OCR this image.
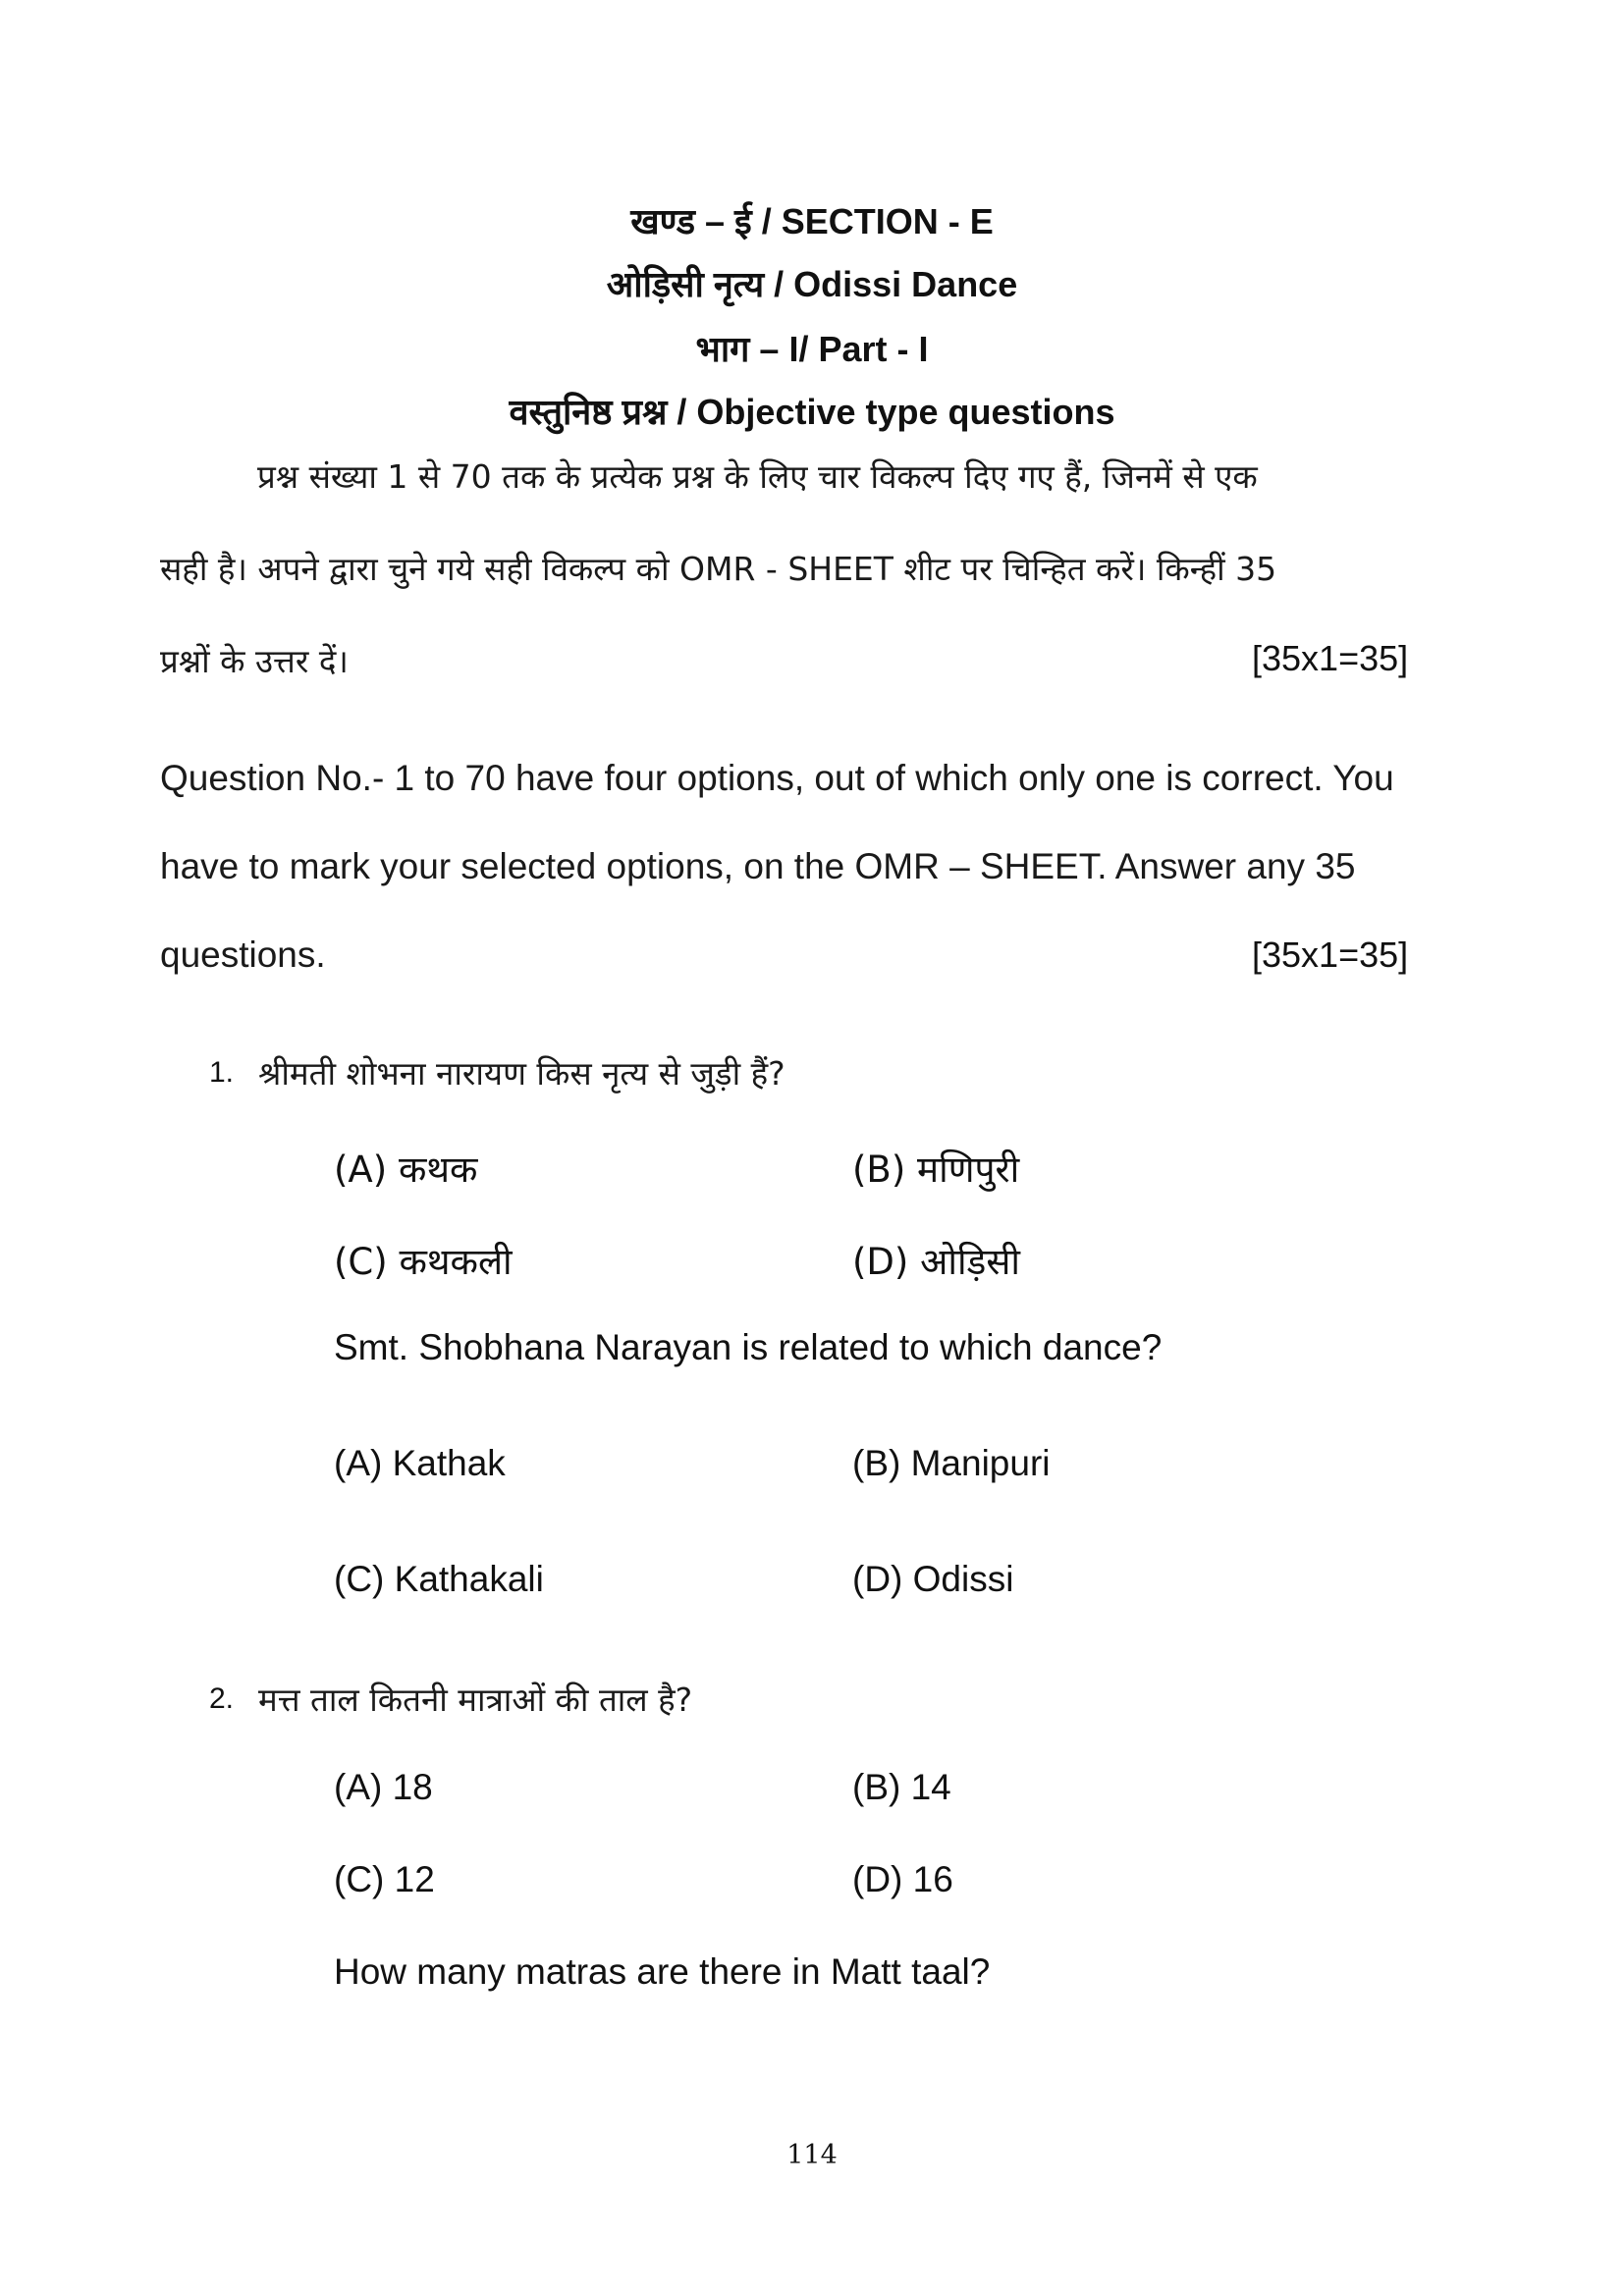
खण्ड – ई / SECTION - E
ओड़िसी नृत्य / Odissi Dance
भाग – I/ Part - I
वस्तुनिष्ठ प्रश्न / Objective type questions
प्रश्न संख्या 1 से 70 तक के प्रत्येक प्रश्न के लिए चार विकल्प दिए गए हैं, जिनमें से एक
सही है। अपने द्वारा चुने गये सही विकल्प को OMR - SHEET शीट पर चिन्हित करें। किन्हीं 35
प्रश्नों के उत्तर दें।	[35x1=35]
Question No.- 1 to 70 have four options, out of which only one is correct. You
have to mark your selected options, on the OMR – SHEET. Answer any 35
questions.	[35x1=35]
1. श्रीमती शोभना नारायण किस नृत्य से जुड़ी हैं?
(A) कथक	(B) मणिपुरी
(C) कथकली	(D) ओड़िसी
Smt. Shobhana Narayan is related to which dance?
(A) Kathak	(B) Manipuri
(C) Kathakali	(D) Odissi
2. मत्त ताल कितनी मात्राओं की ताल है?
(A) 18	(B) 14
(C) 12	(D) 16
How many matras are there in Matt taal?
114
